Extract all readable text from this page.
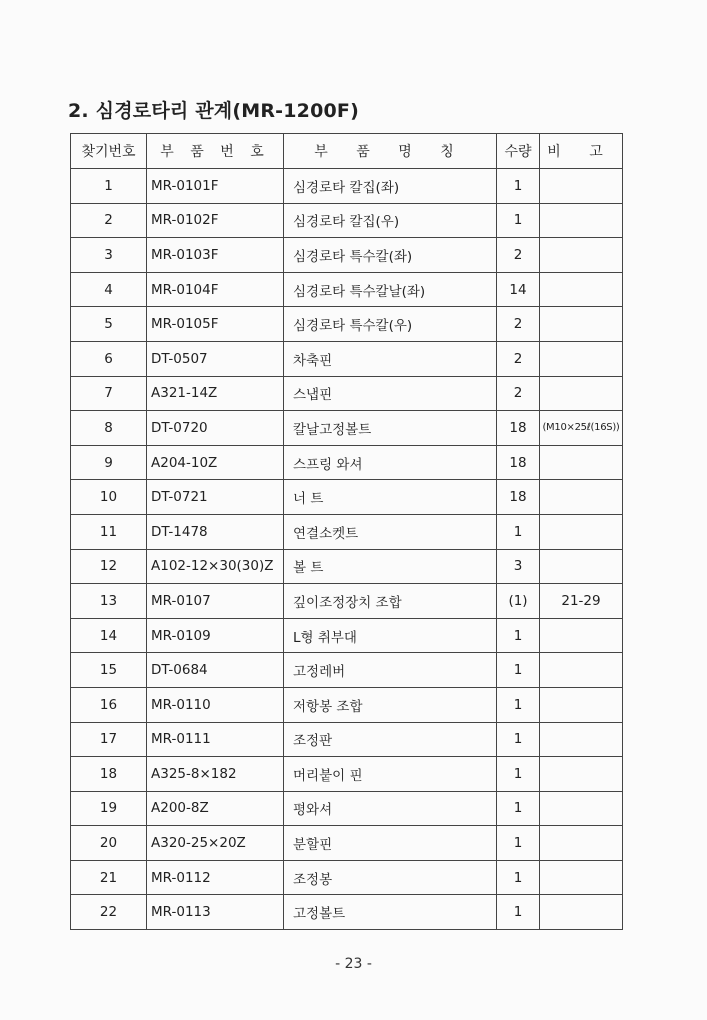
2. 심경로타리 관계(MR-1200F)
찾기번호	부 품 번 호	부 품 명 칭	수량	비 고
1	MR-0101F	심경로타 칼집(좌)	1	
2	MR-0102F	심경로타 칼집(우)	1	
3	MR-0103F	심경로타 특수칼(좌)	2	
4	MR-0104F	심경로타 특수칼날(좌)	14	
5	MR-0105F	심경로타 특수칼(우)	2	
6	DT-0507	차축핀	2	
7	A321-14Z	스냅핀	2	
8	DT-0720	칼날고정볼트	18	(M10×25ℓ(16S))
9	A204-10Z	스프링 와셔	18	
10	DT-0721	너 트	18	
11	DT-1478	연결소켓트	1	
12	A102-12×30(30)Z	볼 트	3	
13	MR-0107	깊이조정장치 조합	(1)	21-29
14	MR-0109	L형 취부대	1	
15	DT-0684	고정레버	1	
16	MR-0110	저항봉 조합	1	
17	MR-0111	조정판	1	
18	A325-8×182	머리붙이 핀	1	
19	A200-8Z	평와셔	1	
20	A320-25×20Z	분할핀	1	
21	MR-0112	조정봉	1	
22	MR-0113	고정볼트	1	
- 23 -
